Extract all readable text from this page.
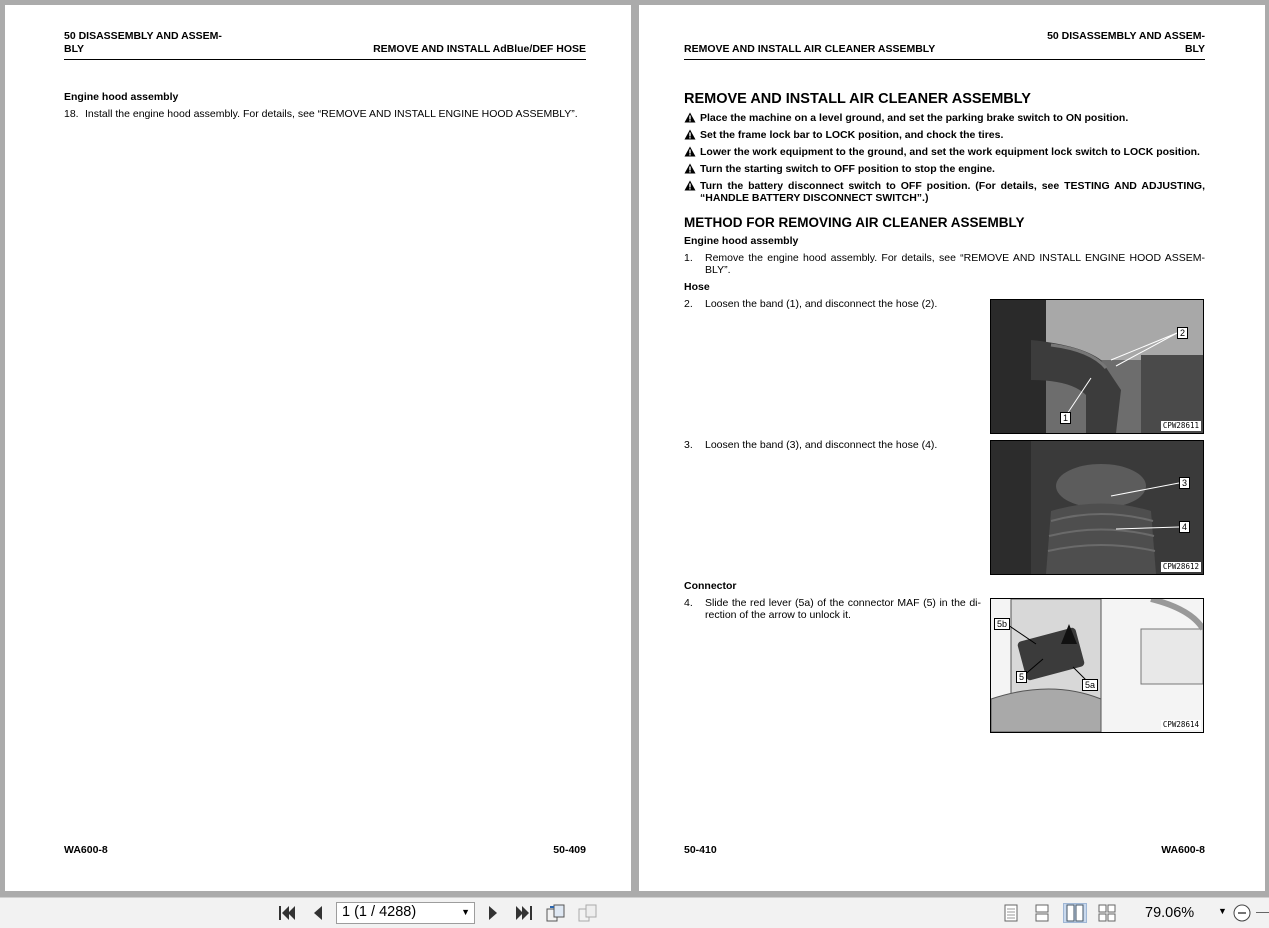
50 DISASSEMBLY AND ASSEM-
BLY	REMOVE AND INSTALL AdBlue/DEF HOSE
Engine hood assembly
18. Install the engine hood assembly. For details, see “REMOVE AND INSTALL ENGINE HOOD ASSEMBLY”.
WA600-8	50-409
REMOVE AND INSTALL AIR CLEANER ASSEMBLY
50 DISASSEMBLY AND ASSEM-
BLY
REMOVE AND INSTALL AIR CLEANER ASSEMBLY
Place the machine on a level ground, and set the parking brake switch to ON position.
Set the frame lock bar to LOCK position, and chock the tires.
Lower the work equipment to the ground, and set the work equipment lock switch to LOCK position.
Turn the starting switch to OFF position to stop the engine.
Turn the battery disconnect switch to OFF position. (For details, see TESTING AND ADJUSTING, “HANDLE BATTERY DISCONNECT SWITCH”.)
METHOD FOR REMOVING AIR CLEANER ASSEMBLY
Engine hood assembly
1. Remove the engine hood assembly. For details, see “REMOVE AND INSTALL ENGINE HOOD ASSEM-BLY”.
Hose
2. Loosen the band (1), and disconnect the hose (2).
2
1
CPW28611
3. Loosen the band (3), and disconnect the hose (4).
3
4
CPW28612
Connector
4. Slide the red lever (5a) of the connector MAF (5) in the di-rection of the arrow to unlock it.
5b
5
5a
CPW28614
50-410	WA600-8
1 (1 / 4288)	▼	79.06%	▼
